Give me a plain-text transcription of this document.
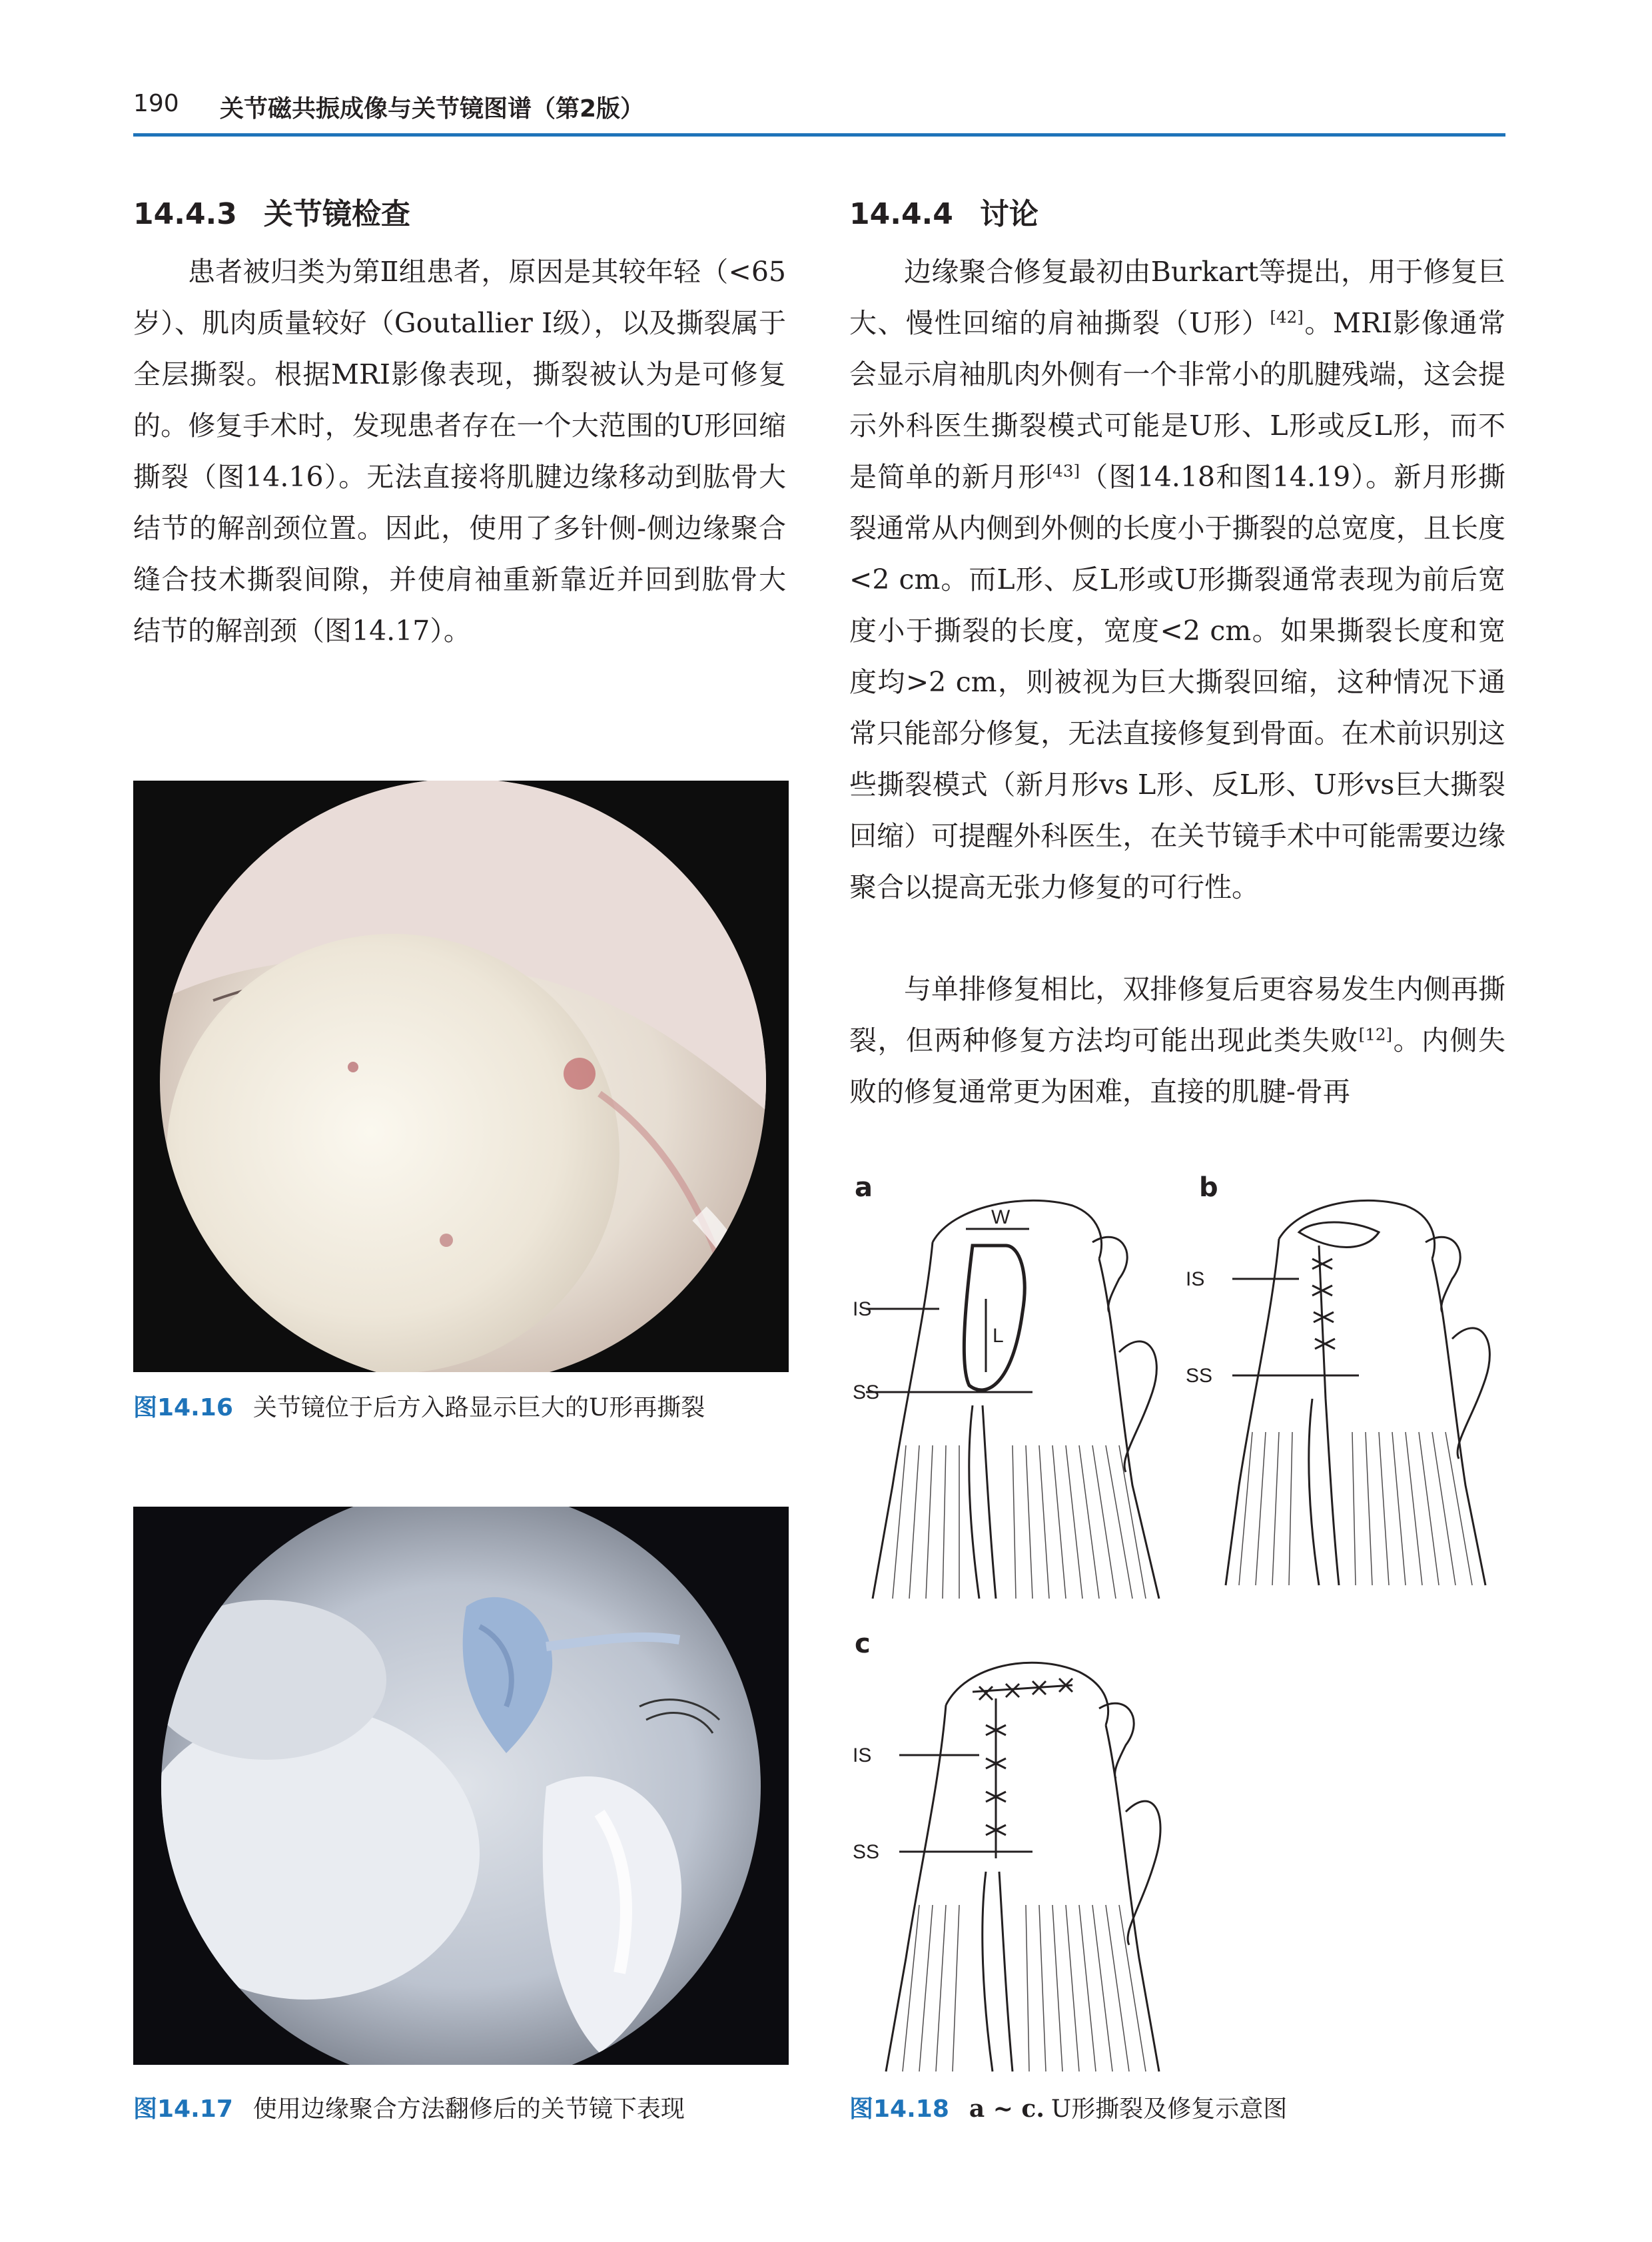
190 关节磁共振成像与关节镜图谱（第2版）
14.4.3 关节镜检查

患者被归类为第Ⅱ组患者，原因是其较年轻（<65岁）、肌肉质量较好（Goutallier Ⅰ级），以及撕裂属于全层撕裂。根据MRI影像表现，撕裂被认为是可修复的。修复手术时，发现患者存在一个大范围的U形回缩撕裂（图14.16）。无法直接将肌腱边缘移动到肱骨大结节的解剖颈位置。因此，使用了多针侧-侧边缘聚合缝合技术撕裂间隙，并使肩袖重新靠近并回到肱骨大结节的解剖颈（图14.17）。

14.4.4 讨论

边缘聚合修复最初由Burkart等提出，用于修复巨大、慢性回缩的肩袖撕裂（U形）[42]。MRI影像通常会显示肩袖肌肉外侧有一个非常小的肌腱残端，这会提示外科医生撕裂模式可能是U形、L形或反L形，而不是简单的新月形[43]（图14.18和图14.19）。新月形撕裂通常从内侧到外侧的长度小于撕裂的总宽度，且长度<2 cm。而L形、反L形或U形撕裂通常表现为前后宽度小于撕裂的长度，宽度<2 cm。如果撕裂长度和宽度均>2 cm，则被视为巨大撕裂回缩，这种情况下通常只能部分修复，无法直接修复到骨面。在术前识别这些撕裂模式（新月形vs L形、反L形、U形vs巨大撕裂回缩）可提醒外科医生，在关节镜手术中可能需要边缘聚合以提高无张力修复的可行性。

与单排修复相比，双排修复后更容易发生内侧再撕裂，但两种修复方法均可能出现此类失败[12]。内侧失败的修复通常更为困难，直接的肌腱-骨再

图14.16 关节镜位于后方入路显示巨大的U形再撕裂
图14.17 使用边缘聚合方法翻修后的关节镜下表现
a
W
L
IS
SS
b
IS
SS
c
IS
SS
图14.18 a ~ c. U形撕裂及修复示意图
